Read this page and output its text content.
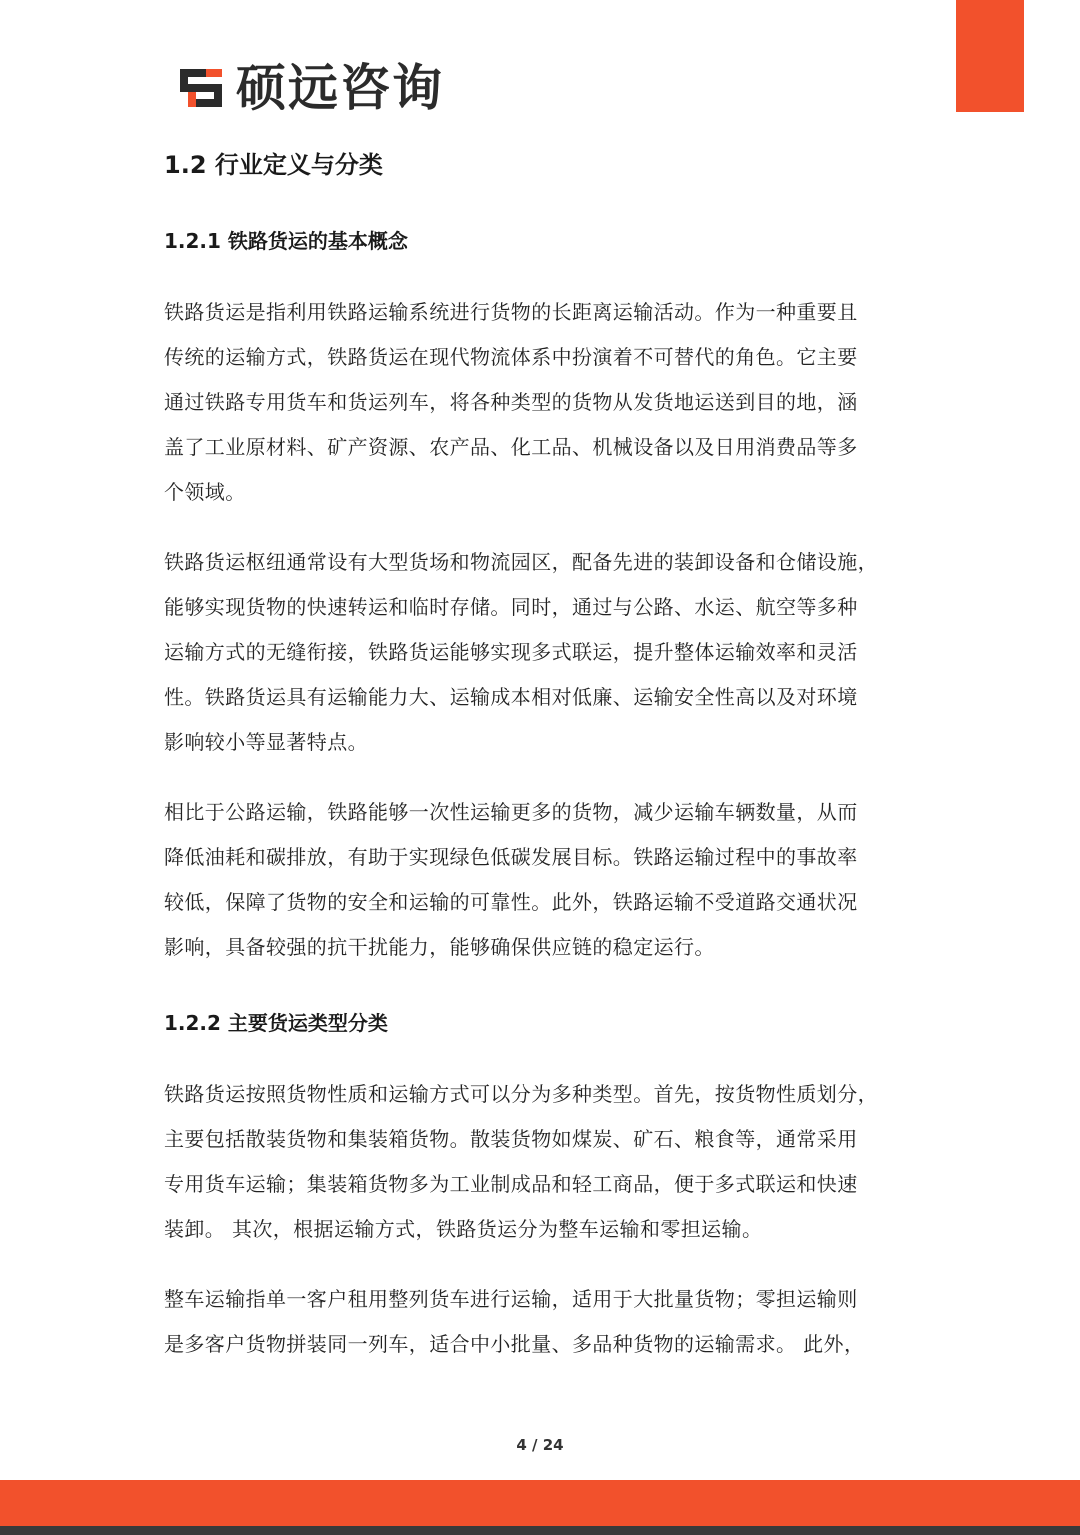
硕远咨询
1.2 行业定义与分类
1.2.1 铁路货运的基本概念

铁路货运是指利用铁路运输系统进行货物的长距离运输活动。作为一种重要且
传统的运输方式，铁路货运在现代物流体系中扮演着不可替代的角色。它主要
通过铁路专用货车和货运列车，将各种类型的货物从发货地运送到目的地，涵
盖了工业原材料、矿产资源、农产品、化工品、机械设备以及日用消费品等多
个领域。

铁路货运枢纽通常设有大型货场和物流园区，配备先进的装卸设备和仓储设施，
能够实现货物的快速转运和临时存储。同时，通过与公路、水运、航空等多种
运输方式的无缝衔接，铁路货运能够实现多式联运，提升整体运输效率和灵活
性。铁路货运具有运输能力大、运输成本相对低廉、运输安全性高以及对环境
影响较小等显著特点。

相比于公路运输，铁路能够一次性运输更多的货物，减少运输车辆数量，从而
降低油耗和碳排放，有助于实现绿色低碳发展目标。铁路运输过程中的事故率
较低，保障了货物的安全和运输的可靠性。此外，铁路运输不受道路交通状况
影响，具备较强的抗干扰能力，能够确保供应链的稳定运行。

1.2.2 主要货运类型分类

铁路货运按照货物性质和运输方式可以分为多种类型。首先，按货物性质划分，
主要包括散装货物和集装箱货物。散装货物如煤炭、矿石、粮食等，通常采用
专用货车运输；集装箱货物多为工业制成品和轻工商品，便于多式联运和快速
装卸。 其次，根据运输方式，铁路货运分为整车运输和零担运输。

整车运输指单一客户租用整列货车进行运输，适用于大批量货物；零担运输则
是多客户货物拼装同一列车，适合中小批量、多品种货物的运输需求。 此外，

4 / 24
